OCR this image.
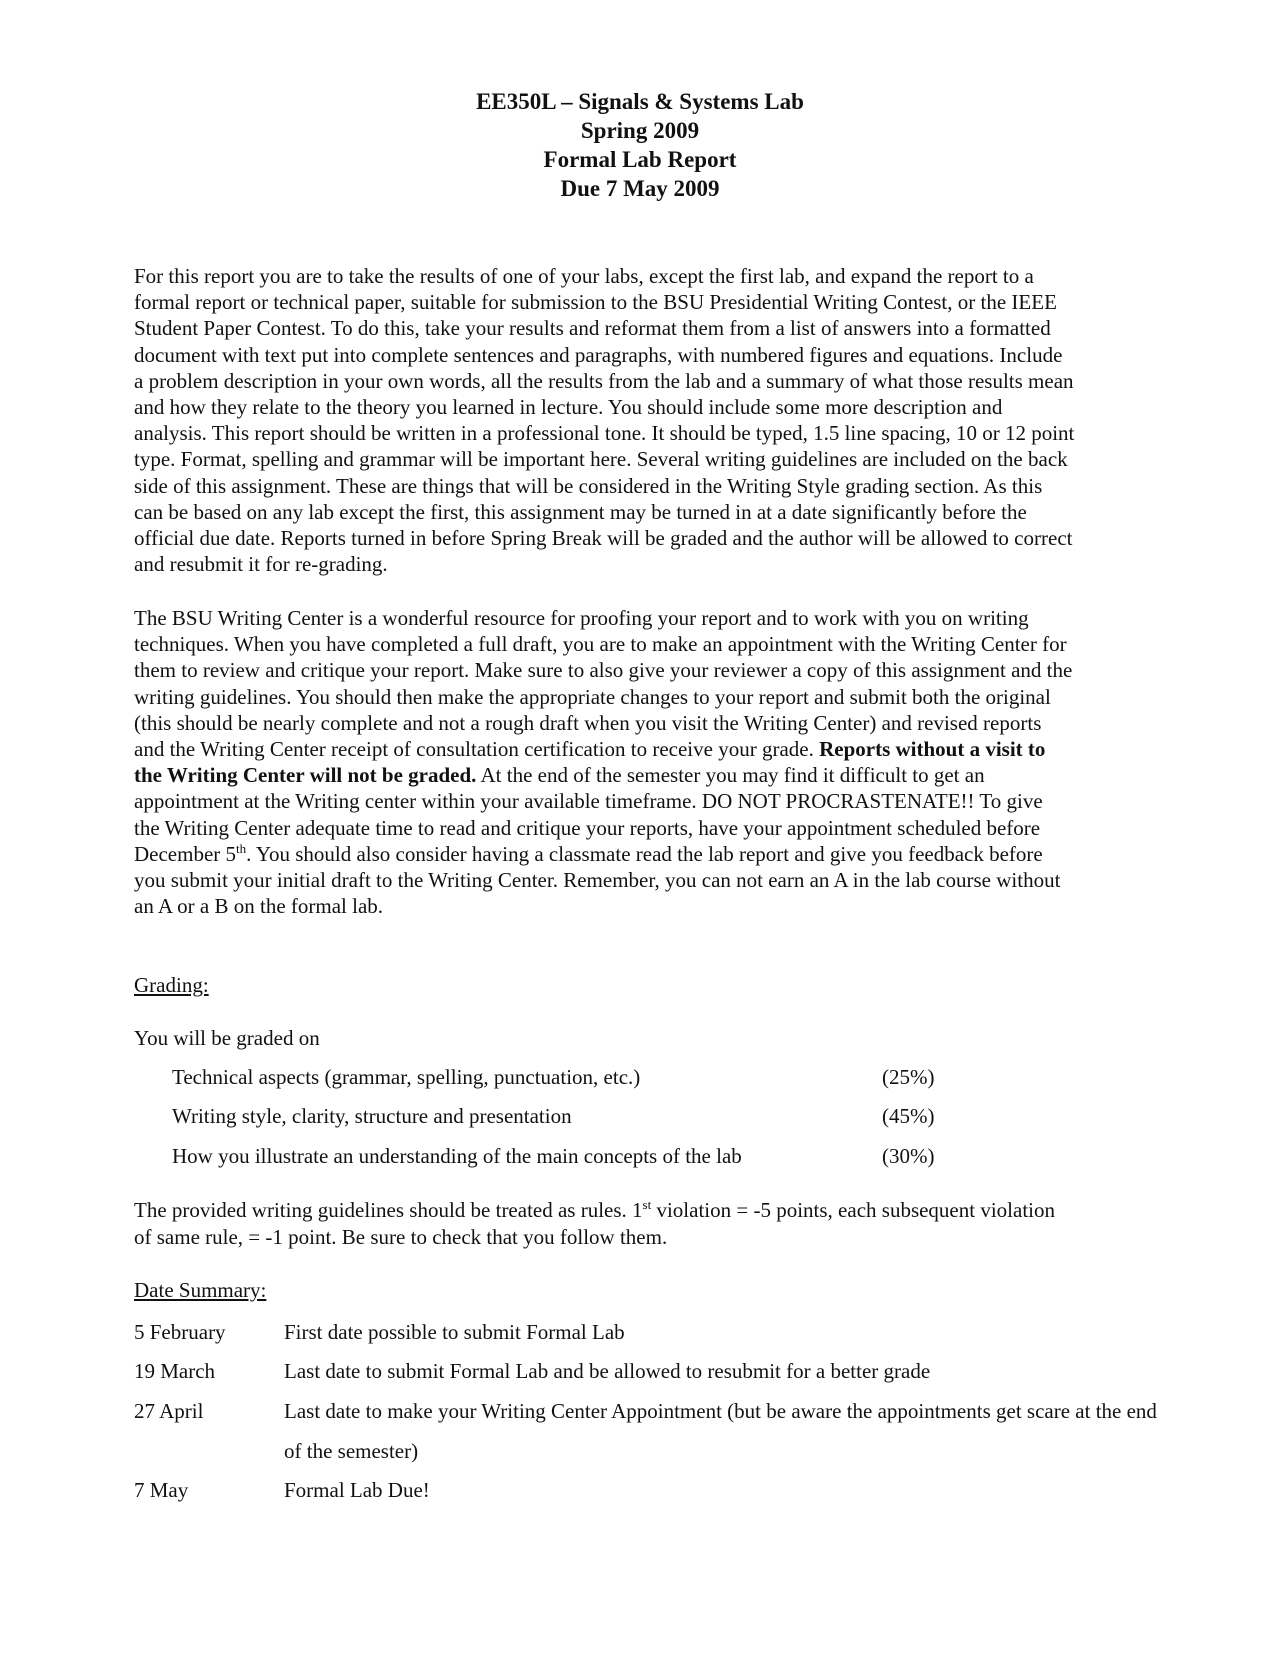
EE350L – Signals & Systems Lab
Spring 2009
Formal Lab Report
Due 7 May 2009
For this report you are to take the results of one of your labs, except the first lab, and expand the report to a
formal report or technical paper, suitable for submission to the BSU Presidential Writing Contest, or the IEEE
Student Paper Contest. To do this, take your results and reformat them from a list of answers into a formatted
document with text put into complete sentences and paragraphs, with numbered figures and equations. Include
a problem description in your own words, all the results from the lab and a summary of what those results mean
and how they relate to the theory you learned in lecture. You should include some more description and
analysis. This report should be written in a professional tone. It should be typed, 1.5 line spacing, 10 or 12 point
type. Format, spelling and grammar will be important here. Several writing guidelines are included on the back
side of this assignment. These are things that will be considered in the Writing Style grading section. As this
can be based on any lab except the first, this assignment may be turned in at a date significantly before the
official due date. Reports turned in before Spring Break will be graded and the author will be allowed to correct
and resubmit it for re-grading.
The BSU Writing Center is a wonderful resource for proofing your report and to work with you on writing
techniques. When you have completed a full draft, you are to make an appointment with the Writing Center for
them to review and critique your report. Make sure to also give your reviewer a copy of this assignment and the
writing guidelines. You should then make the appropriate changes to your report and submit both the original
(this should be nearly complete and not a rough draft when you visit the Writing Center) and revised reports
and the Writing Center receipt of consultation certification to receive your grade. Reports without a visit to
the Writing Center will not be graded. At the end of the semester you may find it difficult to get an
appointment at the Writing center within your available timeframe. DO NOT PROCRASTENATE!! To give
the Writing Center adequate time to read and critique your reports, have your appointment scheduled before
December 5th. You should also consider having a classmate read the lab report and give you feedback before
you submit your initial draft to the Writing Center. Remember, you can not earn an A in the lab course without
an A or a B on the formal lab.
Grading:
You will be graded on
Technical aspects (grammar, spelling, punctuation, etc.)	(25%)
Writing style, clarity, structure and presentation	(45%)
How you illustrate an understanding of the main concepts of the lab	(30%)
The provided writing guidelines should be treated as rules. 1st violation = -5 points, each subsequent violation
of same rule, = -1 point. Be sure to check that you follow them.
Date Summary:
5 February	First date possible to submit Formal Lab
19 March	Last date to submit Formal Lab and be allowed to resubmit for a better grade
27 April	Last date to make your Writing Center Appointment (but be aware the appointments get scare at the end of the semester)
7 May	Formal Lab Due!
